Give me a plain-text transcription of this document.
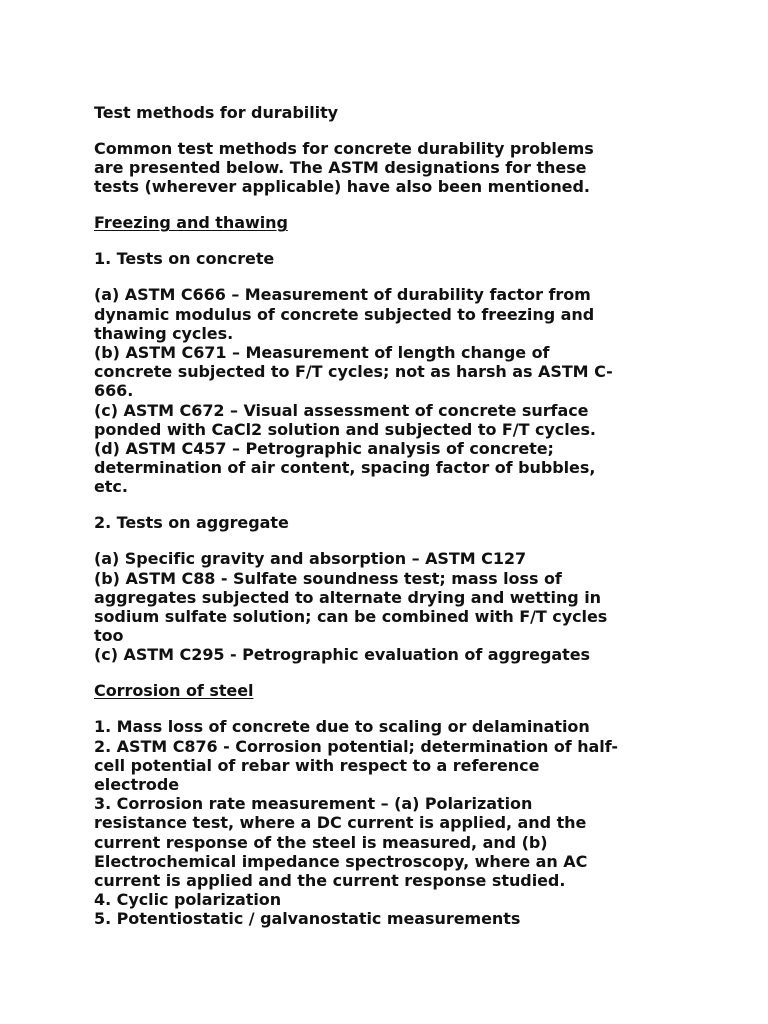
Test methods for durability
Common test methods for concrete durability problems
are presented below. The ASTM designations for these
tests (wherever applicable) have also been mentioned.
Freezing and thawing
1. Tests on concrete
(a) ASTM C666 – Measurement of durability factor from
dynamic modulus of concrete subjected to freezing and
thawing cycles.
(b) ASTM C671 – Measurement of length change of
concrete subjected to F/T cycles; not as harsh as ASTM C-
666.
(c) ASTM C672 – Visual assessment of concrete surface
ponded with CaCl2 solution and subjected to F/T cycles.
(d) ASTM C457 – Petrographic analysis of concrete;
determination of air content, spacing factor of bubbles,
etc.
2. Tests on aggregate
(a) Specific gravity and absorption – ASTM C127
(b) ASTM C88 - Sulfate soundness test; mass loss of
aggregates subjected to alternate drying and wetting in
sodium sulfate solution; can be combined with F/T cycles
too
(c) ASTM C295 - Petrographic evaluation of aggregates
Corrosion of steel
1. Mass loss of concrete due to scaling or delamination
2. ASTM C876 - Corrosion potential; determination of half-
cell potential of rebar with respect to a reference
electrode
3. Corrosion rate measurement – (a) Polarization
resistance test, where a DC current is applied, and the
current response of the steel is measured, and (b)
Electrochemical impedance spectroscopy, where an AC
current is applied and the current response studied.
4. Cyclic polarization
5. Potentiostatic / galvanostatic measurements
